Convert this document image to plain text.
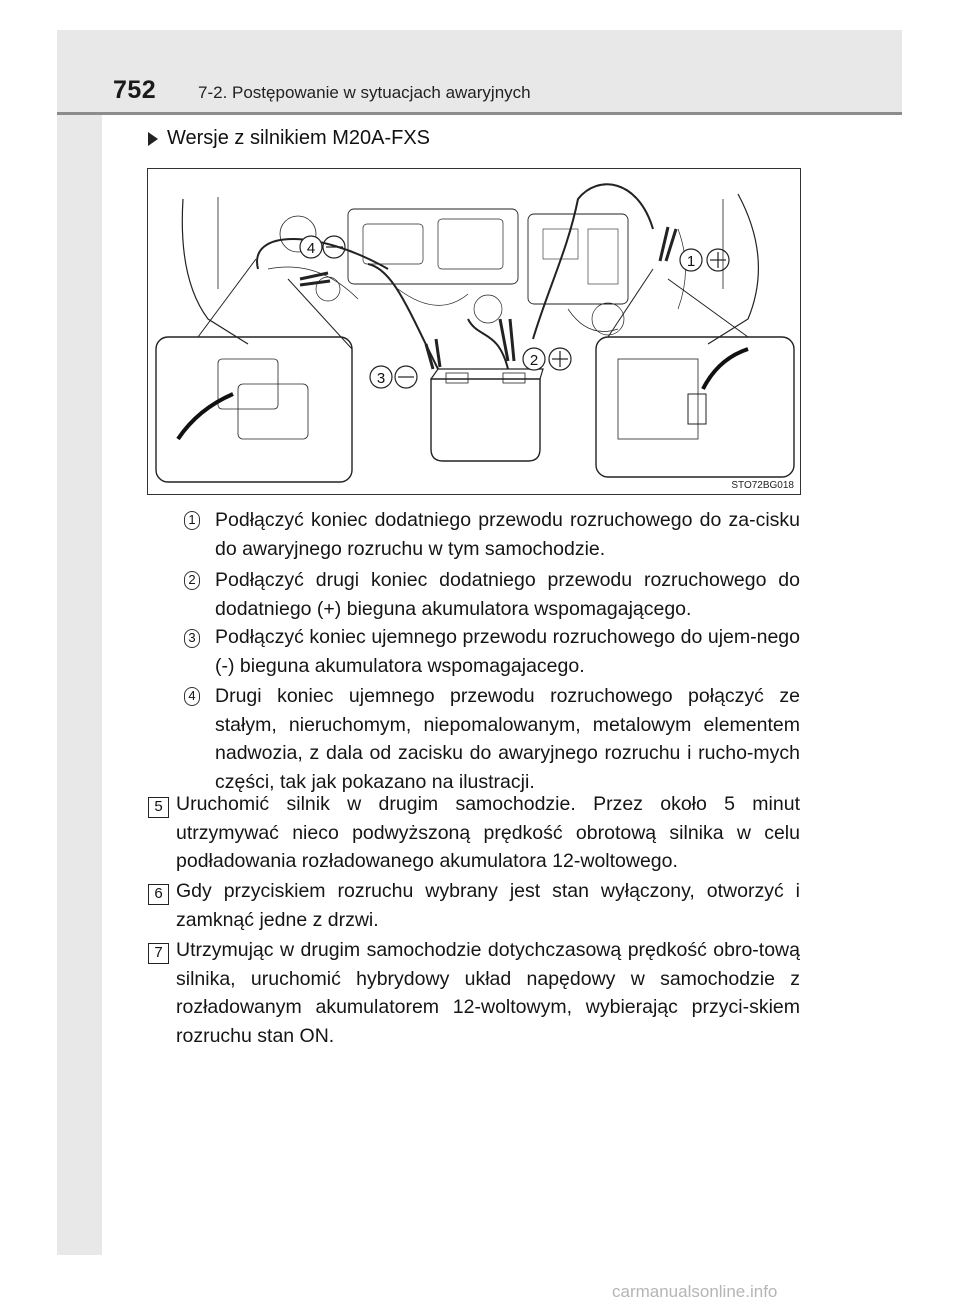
752 7-2. Postępowanie w sytuacjach awaryjnych
Wersje z silnikiem M20A-FXS
4
3
2
1
STO72BG018
1 Podłączyć koniec dodatniego przewodu rozruchowego do za-cisku do awaryjnego rozruchu w tym samochodzie.
2 Podłączyć drugi koniec dodatniego przewodu rozruchowego do dodatniego (+) bieguna akumulatora wspomagającego.
3 Podłączyć koniec ujemnego przewodu rozruchowego do ujem-nego (-) bieguna akumulatora wspomagajacego.
4 Drugi koniec ujemnego przewodu rozruchowego połączyć ze stałym, nieruchomym, niepomalowanym, metalowym elementem nadwozia, z dala od zacisku do awaryjnego rozruchu i rucho-mych części, tak jak pokazano na ilustracji.
5 Uruchomić silnik w drugim samochodzie. Przez około 5 minut utrzymywać nieco podwyższoną prędkość obrotową silnika w celu podładowania rozładowanego akumulatora 12-woltowego.
6 Gdy przyciskiem rozruchu wybrany jest stan wyłączony, otworzyć i zamknąć jedne z drzwi.
7 Utrzymując w drugim samochodzie dotychczasową prędkość obro-tową silnika, uruchomić hybrydowy układ napędowy w samochodzie z rozładowanym akumulatorem 12-woltowym, wybierając przyci-skiem rozruchu stan ON.
carmanualsonline.info
